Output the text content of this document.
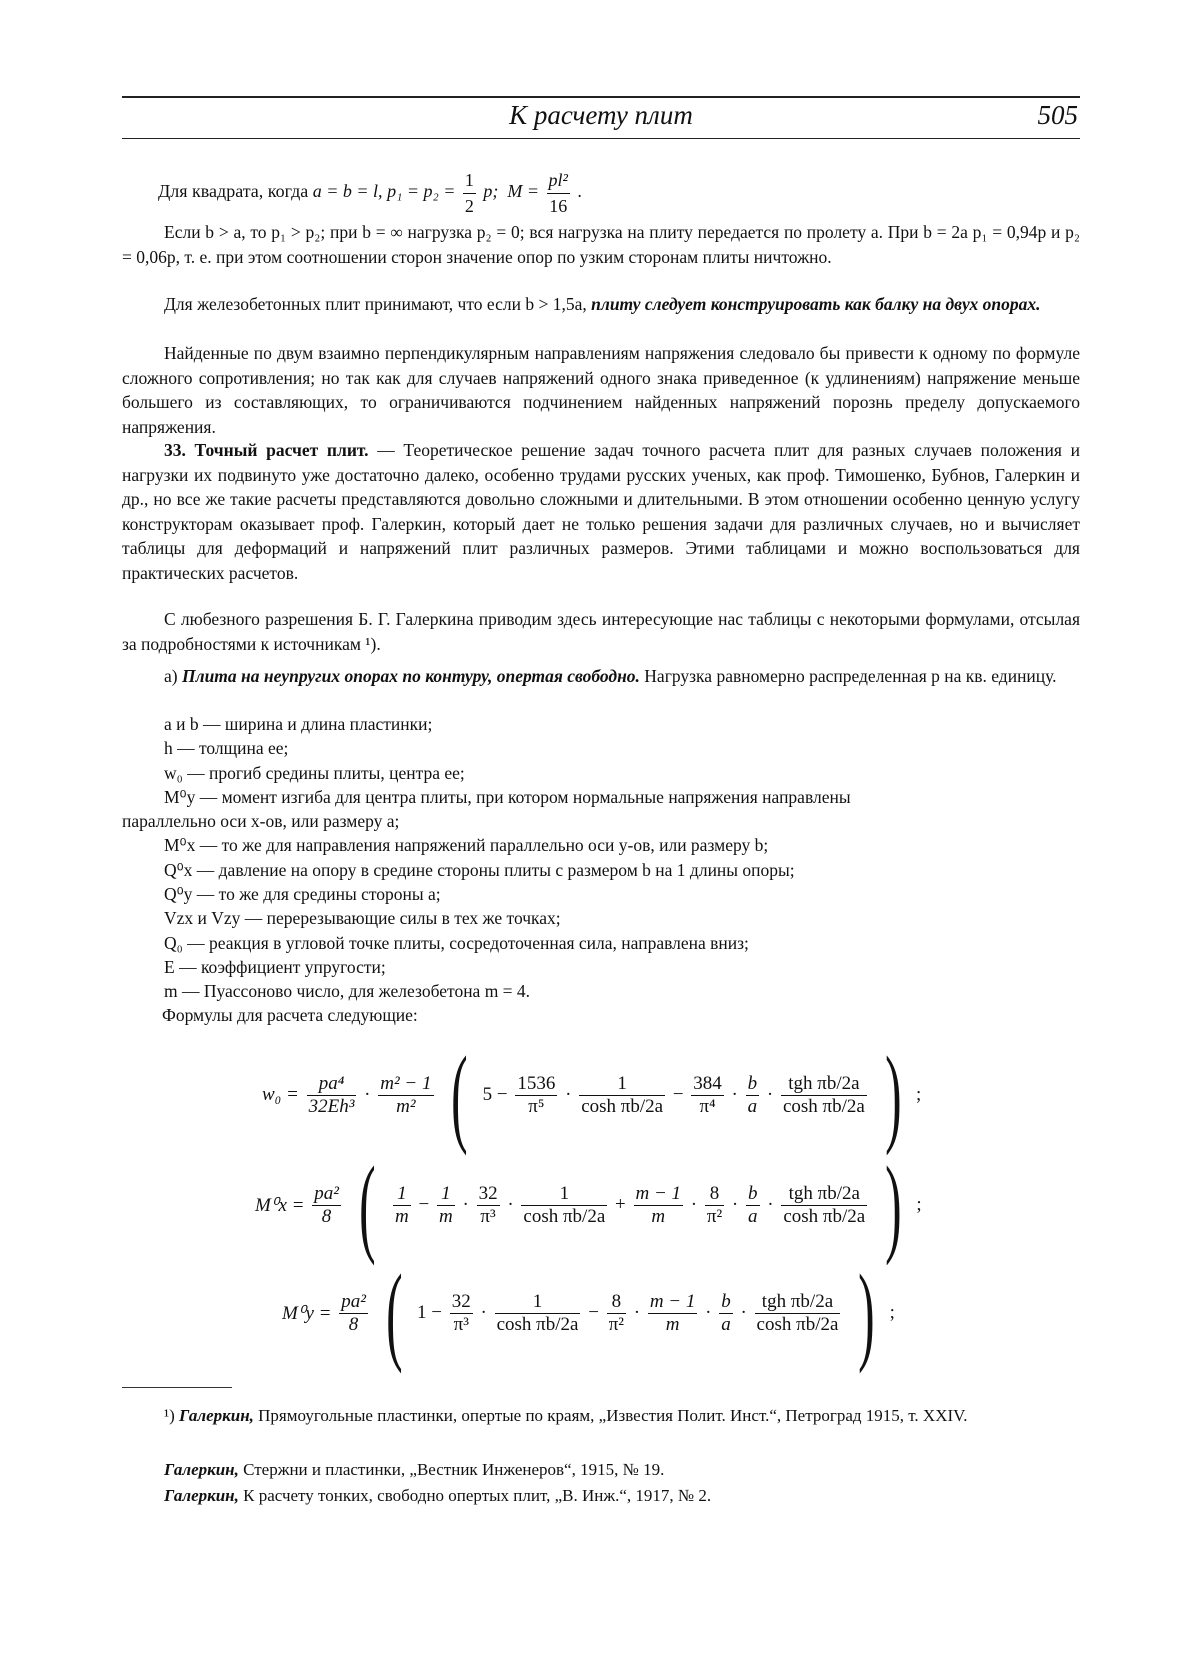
К расчету плит	505
Для квадрата, когда a = b = l, $p_1 = p_2 = \frac{1}{2} p$; $M = \frac{\text{pl²}}{16}$ .
Если b > a, то p₁ > p₂; при b = ∞ нагрузка p₂ = 0; вся нагрузка на плиту передается по пролету a. При b = 2a p₁ = 0,94p и p₂ = 0,06p, т. е. при этом соотношении сторон значение опор по узким сторонам плиты ничтожно.
Для железобетонных плит принимают, что если b > 1,5a, плиту следует конструировать как балку на двух опорах.
Найденные по двум взаимно перпендикулярным направлениям напряжения следовало бы привести к одному по формуле сложного сопротивления; но так как для случаев напряжений одного знака приведенное (к удлинениям) напряжение меньше большего из составляющих, то ограничиваются подчинением найденных напряжений порознь пределу допускаемого напряжения.
33. Точный расчет плит. — Теоретическое решение задач точного расчета плит для разных случаев положения и нагрузки их подвинуто уже достаточно далеко, особенно трудами русских ученых, как проф. Тимошенко, Бубнов, Галеркин и др., но все же такие расчеты представляются довольно сложными и длительными. В этом отношении особенно ценную услугу конструкторам оказывает проф. Галеркин, который дает не только решения задачи для различных случаев, но и вычисляет таблицы для деформаций и напряжений плит различных размеров. Этими таблицами и можно воспользоваться для практических расчетов.
С любезного разрешения Б. Г. Галеркина приводим здесь интересующие нас таблицы с некоторыми формулами, отсылая за подробностями к источникам ¹).
а) Плита на неупругих опорах по контуру, опертая свободно. Нагрузка равномерно распределенная p на кв. единицу.
a и b — ширина и длина пластинки;
h — толщина ее;
w₀ — прогиб средины плиты, центра ее;
M⁰y — момент изгиба для центра плиты, при котором нормальные напряжения направлены
параллельно оси x-ов, или размеру a;
M⁰x — то же для направления напряжений параллельно оси y-ов, или размеру b;
Q⁰x — давление на опору в средине стороны плиты с размером b на 1 длины опоры;
Q⁰y — то же для средины стороны a;
Vzx и Vzy — перерезывающие силы в тех же точках;
Q₀ — реакция в угловой точке плиты, сосредоточенная сила, направлена вниз;
E — коэффициент упругости;
m — Пуассоново число, для железобетона m = 4.
Формулы для расчета следующие:
$w_0 = \frac{\text{pa⁴}}{\text{32Eh³}} \cdot \frac{\text{m² − 1}}{\text{m²}}$ ( $5 - \frac{1536}{\text{π⁵}} \cdot \frac{1}{\text{cosh πb/2a}} - \frac{384}{\text{π⁴}} \cdot \frac{b}{a} \cdot \frac{\text{tgh πb/2a}}{\text{cosh πb/2a}}$ ) ;
$M^0x = \frac{\text{pa²}}{8}$ ( $\frac{1}{m} - \frac{1}{m} \cdot \frac{32}{\text{π³}} \cdot \frac{1}{\text{cosh πb/2a}} + \frac{m - 1}{m} \cdot \frac{8}{\text{π²}} \cdot \frac{b}{a} \cdot \frac{\text{tgh πb/2a}}{\text{cosh πb/2a}}$ ) ;
$M^0y = \frac{\text{pa²}}{8}$ ( $1 - \frac{32}{\text{π³}} \cdot \frac{1}{\text{cosh πb/2a}} - \frac{8}{\text{π²}} \cdot \frac{m - 1}{m} \cdot \frac{b}{a} \cdot \frac{\text{tgh πb/2a}}{\text{cosh πb/2a}}$ ) ;
¹) Галеркин, Прямоугольные пластинки, опертые по краям, „Известия Полит. Инст.“, Петроград 1915, т. XXIV.
Галеркин, Стержни и пластинки, „Вестник Инженеров“, 1915, № 19.
Галеркин, К расчету тонких, свободно опертых плит, „В. Инж.“, 1917, № 2.
